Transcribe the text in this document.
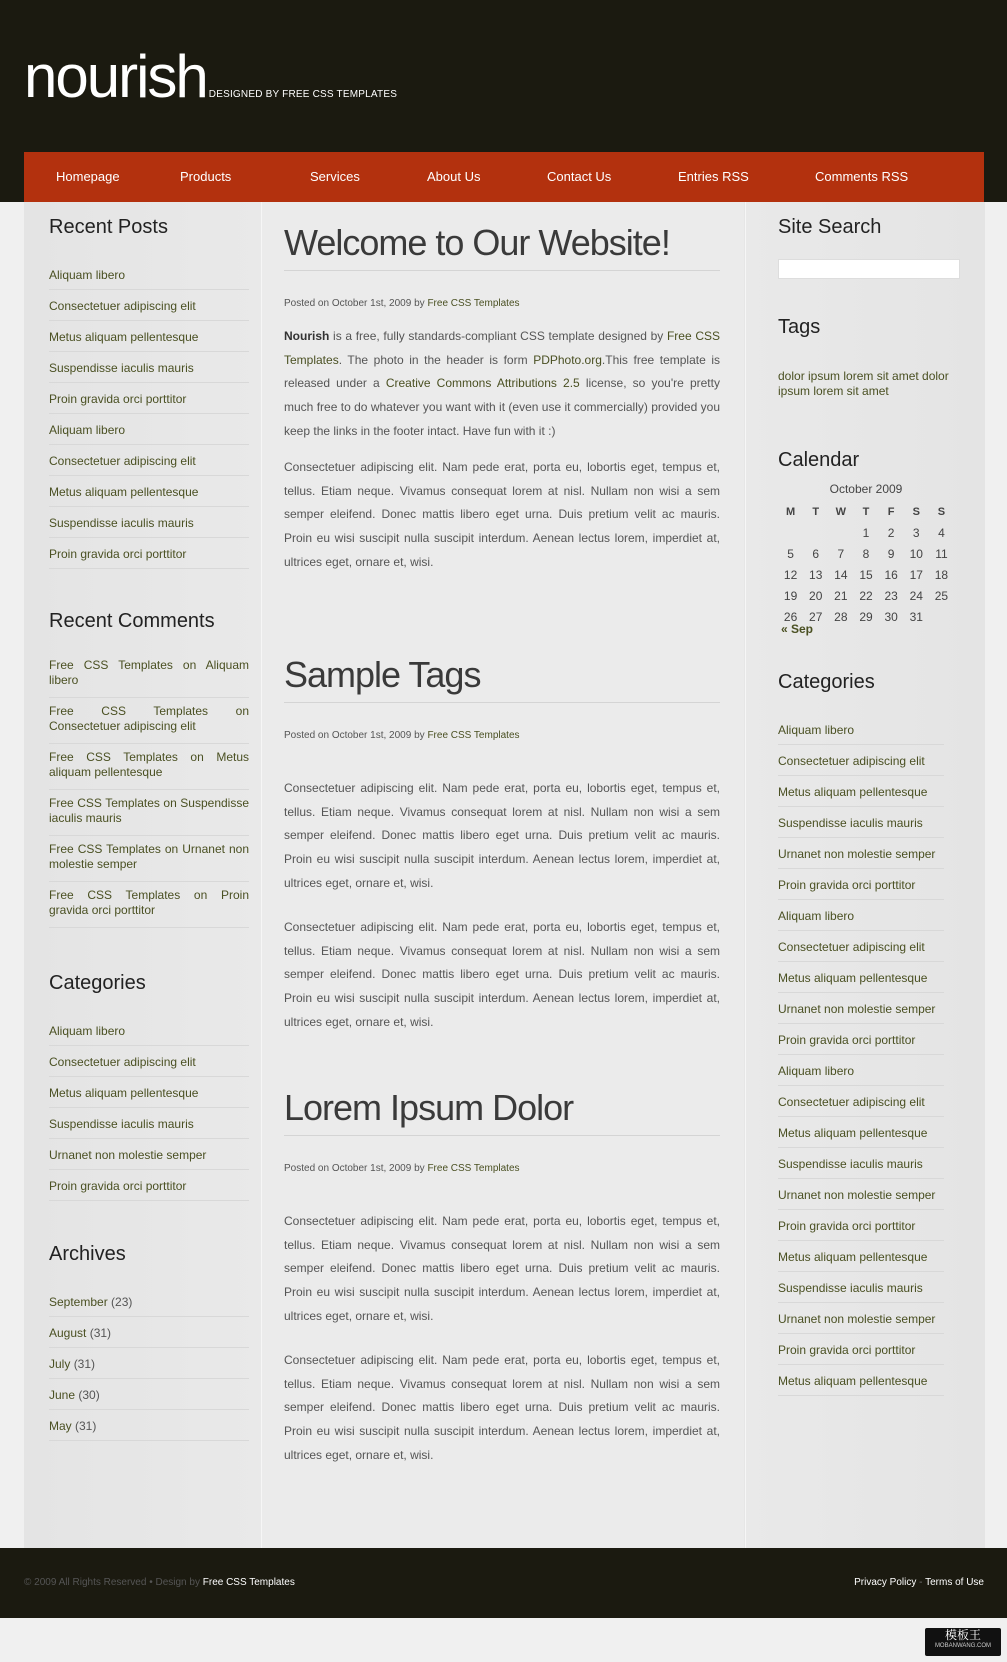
nourish DESIGNED BY FREE CSS TEMPLATES
Homepage	Products	Services	About Us	Contact Us	Entries RSS	Comments RSS
Recent Posts
Aliquam libero
Consectetuer adipiscing elit
Metus aliquam pellentesque
Suspendisse iaculis mauris
Proin gravida orci porttitor
Aliquam libero
Consectetuer adipiscing elit
Metus aliquam pellentesque
Suspendisse iaculis mauris
Proin gravida orci porttitor
Recent Comments
Free CSS Templates on Aliquam libero
Free CSS Templates on Consectetuer adipiscing elit
Free CSS Templates on Metus aliquam pellentesque
Free CSS Templates on Suspendisse iaculis mauris
Free CSS Templates on Urnanet non molestie semper
Free CSS Templates on Proin gravida orci porttitor
Categories
Aliquam libero
Consectetuer adipiscing elit
Metus aliquam pellentesque
Suspendisse iaculis mauris
Urnanet non molestie semper
Proin gravida orci porttitor
Archives
September (23)
August (31)
July (31)
June (30)
May (31)
Welcome to Our Website!
Posted on October 1st, 2009 by Free CSS Templates

Nourish is a free, fully standards-compliant CSS template designed by Free CSS Templates. The photo in the header is form PDPhoto.org.This free template is released under a Creative Commons Attributions 2.5 license, so you're pretty much free to do whatever you want with it (even use it commercially) provided you keep the links in the footer intact. Have fun with it :)

Consectetuer adipiscing elit. Nam pede erat, porta eu, lobortis eget, tempus et, tellus. Etiam neque. Vivamus consequat lorem at nisl. Nullam non wisi a sem semper eleifend. Donec mattis libero eget urna. Duis pretium velit ac mauris. Proin eu wisi suscipit nulla suscipit interdum. Aenean lectus lorem, imperdiet at, ultrices eget, ornare et, wisi.

Sample Tags
Posted on October 1st, 2009 by Free CSS Templates

Consectetuer adipiscing elit. Nam pede erat, porta eu, lobortis eget, tempus et, tellus. Etiam neque. Vivamus consequat lorem at nisl. Nullam non wisi a sem semper eleifend. Donec mattis libero eget urna. Duis pretium velit ac mauris. Proin eu wisi suscipit nulla suscipit interdum. Aenean lectus lorem, imperdiet at, ultrices eget, ornare et, wisi.

Consectetuer adipiscing elit. Nam pede erat, porta eu, lobortis eget, tempus et, tellus. Etiam neque. Vivamus consequat lorem at nisl. Nullam non wisi a sem semper eleifend. Donec mattis libero eget urna. Duis pretium velit ac mauris. Proin eu wisi suscipit nulla suscipit interdum. Aenean lectus lorem, imperdiet at, ultrices eget, ornare et, wisi.

Lorem Ipsum Dolor
Posted on October 1st, 2009 by Free CSS Templates

Consectetuer adipiscing elit. Nam pede erat, porta eu, lobortis eget, tempus et, tellus. Etiam neque. Vivamus consequat lorem at nisl. Nullam non wisi a sem semper eleifend. Donec mattis libero eget urna. Duis pretium velit ac mauris. Proin eu wisi suscipit nulla suscipit interdum. Aenean lectus lorem, imperdiet at, ultrices eget, ornare et, wisi.

Consectetuer adipiscing elit. Nam pede erat, porta eu, lobortis eget, tempus et, tellus. Etiam neque. Vivamus consequat lorem at nisl. Nullam non wisi a sem semper eleifend. Donec mattis libero eget urna. Duis pretium velit ac mauris. Proin eu wisi suscipit nulla suscipit interdum. Aenean lectus lorem, imperdiet at, ultrices eget, ornare et, wisi.

Site Search
Tags
dolor ipsum lorem sit amet dolor ipsum lorem sit amet
Calendar
October 2009
M	T	W	T	F	S	S
			1	2	3	4
5	6	7	8	9	10	11
12	13	14	15	16	17	18
19	20	21	22	23	24	25
26	27	28	29	30	31	
« Sep
Categories
Aliquam libero
Consectetuer adipiscing elit
Metus aliquam pellentesque
Suspendisse iaculis mauris
Urnanet non molestie semper
Proin gravida orci porttitor
Aliquam libero
Consectetuer adipiscing elit
Metus aliquam pellentesque
Urnanet non molestie semper
Proin gravida orci porttitor
Aliquam libero
Consectetuer adipiscing elit
Metus aliquam pellentesque
Suspendisse iaculis mauris
Urnanet non molestie semper
Proin gravida orci porttitor
Metus aliquam pellentesque
Suspendisse iaculis mauris
Urnanet non molestie semper
Proin gravida orci porttitor
Metus aliquam pellentesque
© 2009 All Rights Reserved • Design by Free CSS Templates	Privacy Policy - Terms of Use
模板王
MOBANWANG.COM
